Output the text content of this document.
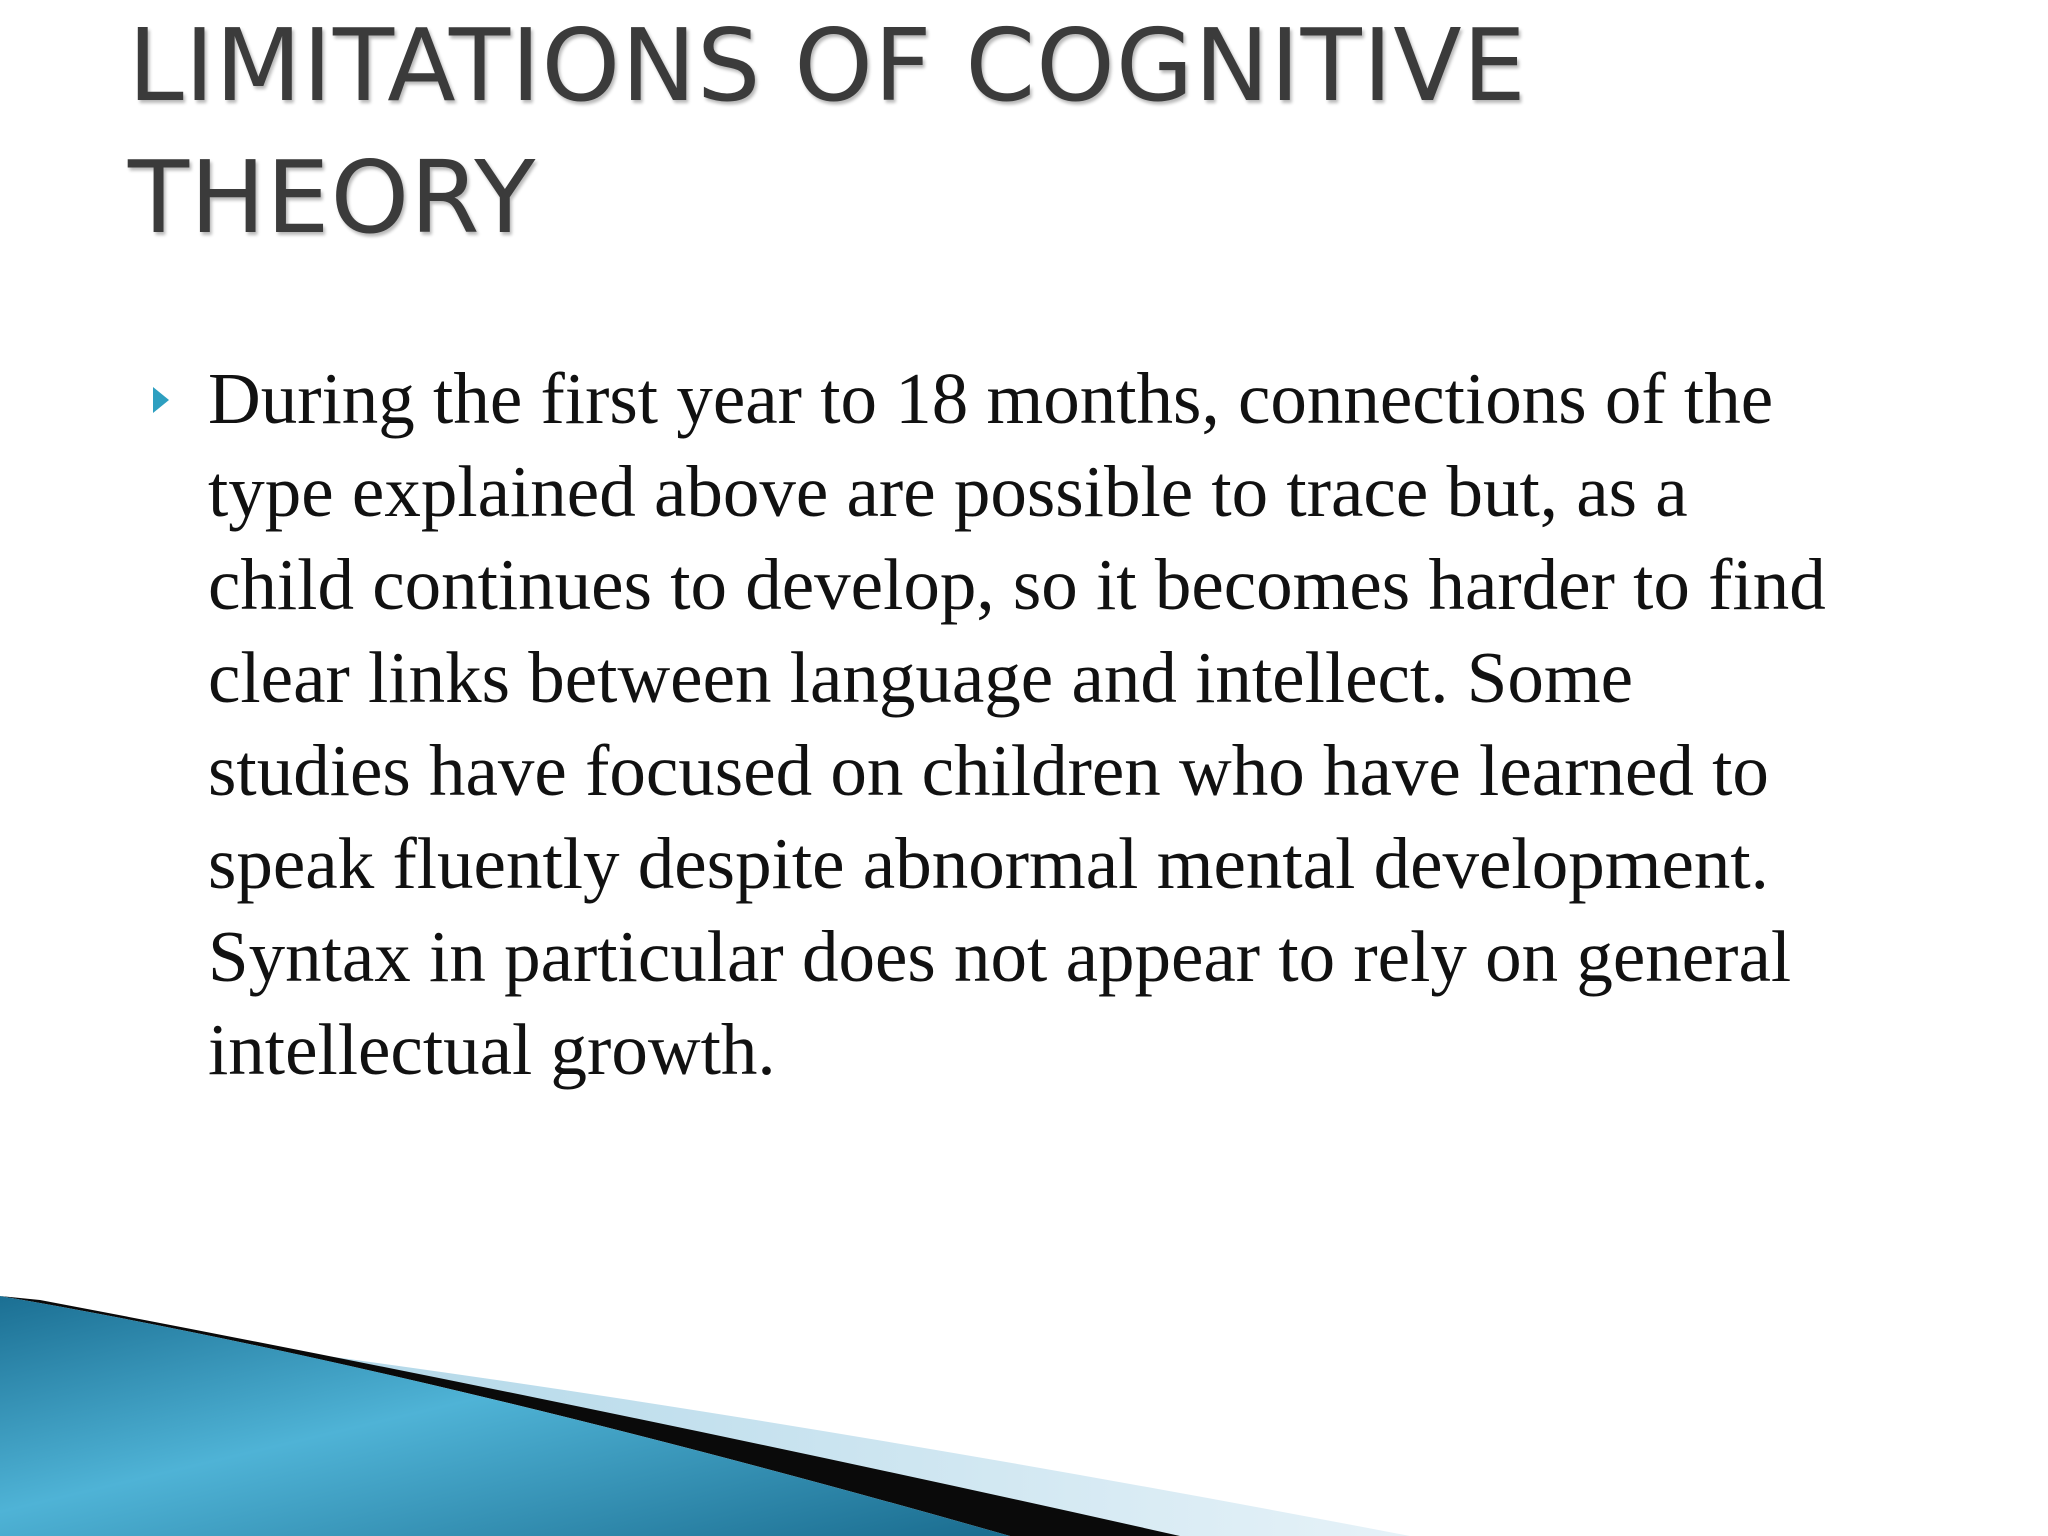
LIMITATIONS OF COGNITIVE
THEORY
During the first year to 18 months, connections of the
type explained above are possible to trace but, as a
child continues to develop, so it becomes harder to find
clear links between language and intellect. Some
studies have focused on children who have learned to
speak fluently despite abnormal mental development.
Syntax in particular does not appear to rely on general
intellectual growth.
